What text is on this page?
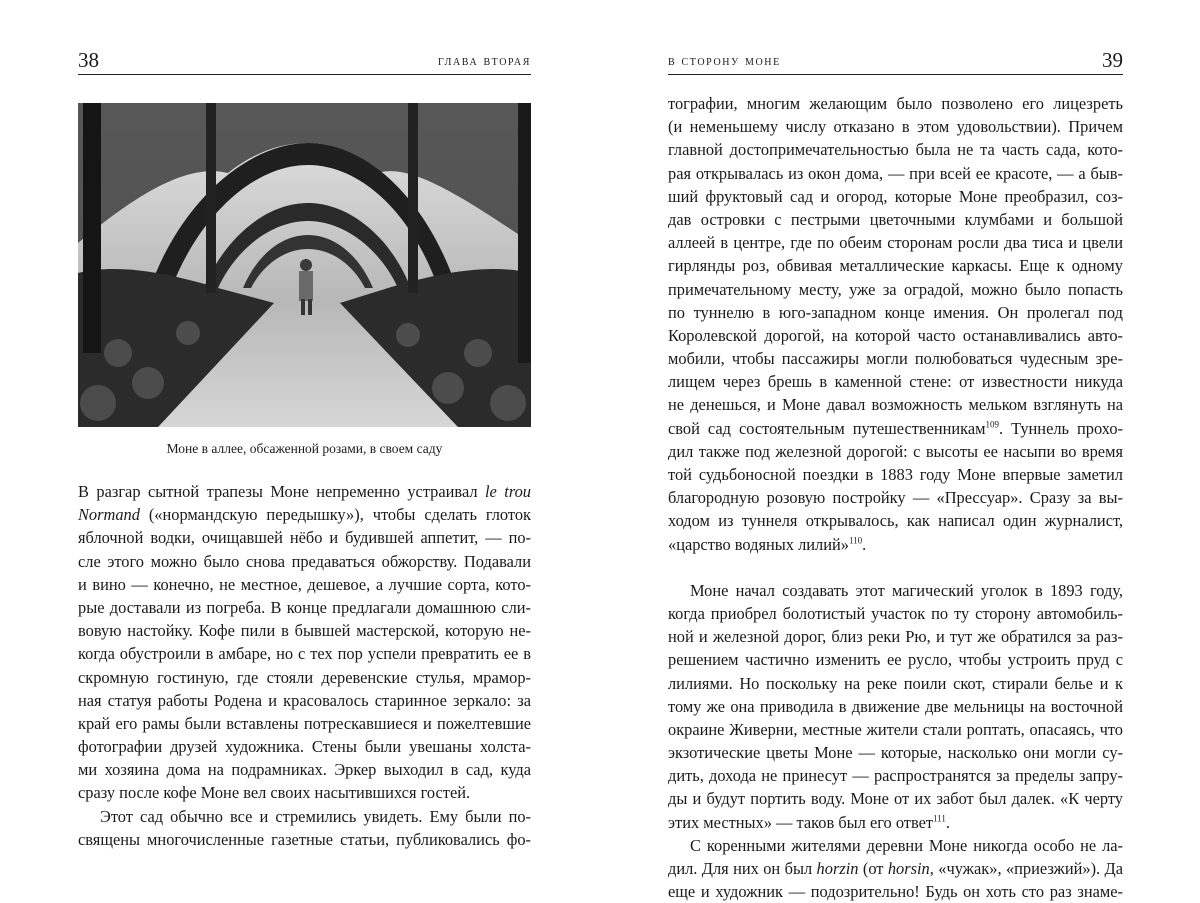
38	глава вторая
Моне в аллее, обсаженной розами, в своем саду
В разгар сытной трапезы Моне непременно устраивал le trou
Normand («нормандскую передышку»), чтобы сделать глоток
яблочной водки, очищавшей нёбо и будившей аппетит, — по-
сле этого можно было снова предаваться обжорству. Подавали
и вино — конечно, не местное, дешевое, а лучшие сорта, кото-
рые доставали из погреба. В конце предлагали домашнюю сли-
вовую настойку. Кофе пили в бывшей мастерской, которую не-
когда обустроили в амбаре, но с тех пор успели превратить ее в
скромную гостиную, где стояли деревенские стулья, мрамор-
ная статуя работы Родена и красовалось старинное зеркало: за
край его рамы были вставлены потрескавшиеся и пожелтевшие
фотографии друзей художника. Стены были увешаны холста-
ми хозяина дома на подрамниках. Эркер выходил в сад, куда
сразу после кофе Моне вел своих насытившихся гостей.
Этот сад обычно все и стремились увидеть. Ему были по-
священы многочисленные газетные статьи, публиковались фо-
в сторону моне	39
тографии, многим желающим было позволено его лицезреть
(и неменьшему числу отказано в этом удовольствии). Причем
главной достопримечательностью была не та часть сада, кото-
рая открывалась из окон дома, — при всей ее красоте, — а быв-
ший фруктовый сад и огород, которые Моне преобразил, соз-
дав островки с пестрыми цветочными клумбами и большой
аллеей в центре, где по обеим сторонам росли два тиса и цвели
гирлянды роз, обвивая металлические каркасы. Еще к одному
примечательному месту, уже за оградой, можно было попасть
по туннелю в юго-западном конце имения. Он пролегал под
Королевской дорогой, на которой часто останавливались авто-
мобили, чтобы пассажиры могли полюбоваться чудесным зре-
лищем через брешь в каменной стене: от известности никуда
не денешься, и Моне давал возможность мельком взглянуть на
свой сад состоятельным путешественникам$^{109}$. Туннель прохо-
дил также под железной дорогой: с высоты ее насыпи во время
той судьбоносной поездки в 1883 году Моне впервые заметил
благородную розовую постройку — «Прессуар». Сразу за вы-
ходом из туннеля открывалось, как написал один журналист,
«царство водяных лилий»$^{110}$.
Моне начал создавать этот магический уголок в 1893 году,
когда приобрел болотистый участок по ту сторону автомобиль-
ной и железной дорог, близ реки Рю, и тут же обратился за раз-
решением частично изменить ее русло, чтобы устроить пруд с
лилиями. Но поскольку на реке поили скот, стирали белье и к
тому же она приводила в движение две мельницы на восточной
окраине Живерни, местные жители стали роптать, опасаясь, что
экзотические цветы Моне — которые, насколько они могли су-
дить, дохода не принесут — распространятся за пределы запру-
ды и будут портить воду. Моне от их забот был далек. «К черту
этих местных» — таков был его ответ$^{111}$.
С коренными жителями деревни Моне никогда особо не ла-
дил. Для них он был horzin (от horsin, «чужак», «приезжий»). Да
еще и художник — подозрительно! Будь он хоть сто раз знаме-
